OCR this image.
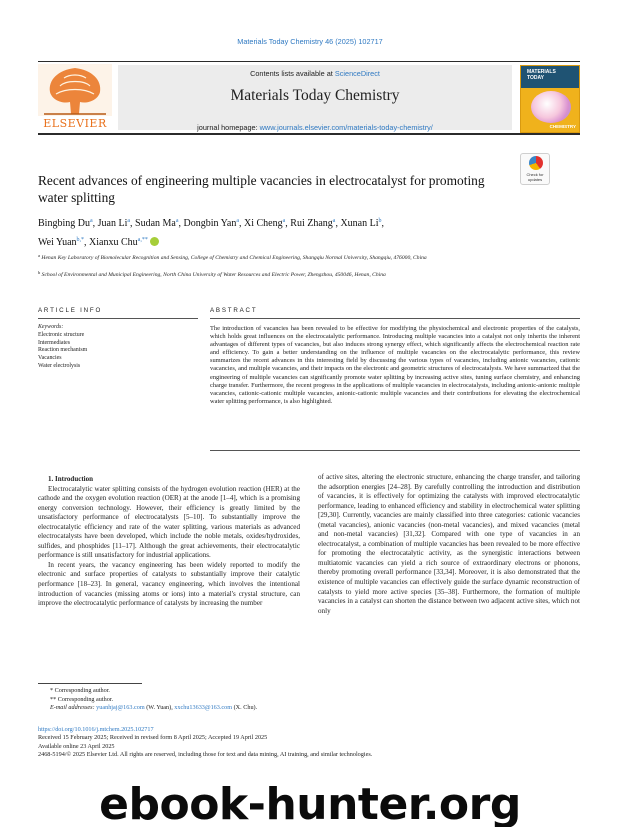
Materials Today Chemistry 46 (2025) 102717
ELSEVIER
Contents lists available at ScienceDirect
Materials Today Chemistry
journal homepage: www.journals.elsevier.com/materials-today-chemistry/
MATERIALS
TODAY
CHEMISTRY
Recent advances of engineering multiple vacancies in electrocatalyst for promoting water splitting
Check for updates
Bingbing Du$^a$, Juan Li$^a$, Sudan Ma$^a$, Dongbin Yan$^a$, Xi Cheng$^a$, Rui Zhang$^a$, Xunan Li$^b$,
Wei Yuan$^{b,*}$, Xianxu Chu$^{a,**}$
$^a$ Henan Key Laboratory of Biomolecular Recognition and Sensing, College of Chemistry and Chemical Engineering, Shangqiu Normal University, Shangqiu, 476000, China
$^b$ School of Environmental and Municipal Engineering, North China University of Water Resources and Electric Power, Zhengzhou, 450046, Henan, China
ARTICLE INFO	ABSTRACT
Keywords:
Electronic structure
Intermediates
Reaction mechanism
Vacancies
Water electrolysis
The introduction of vacancies has been revealed to be effective for modifying the physiochemical and electronic properties of the catalysts, which holds great influences on the electrocatalytic performance. Introducing multiple vacancies into a catalyst not only inherits the inherent advantages of different types of vacancies, but also induces strong synergy effect, which significantly affects the electrochemical reaction rate and efficiency. To gain a better understanding on the influence of multiple vacancies on the electrocatalytic performance, this review summarizes the recent advances in this interesting field by discussing the various types of vacancies, including anionic vacancies, cationic vacancies, and multiple vacancies, and their impacts on the electronic and geometric structures of electrocatalysts. We have summarized that the engineering of multiple vacancies can significantly promote water splitting by increasing active sites, tuning surface chemistry, and enhancing charge transfer. Furthermore, the recent progress in the applications of multiple vacancies in electrocatalysts, including anionic-anionic multiple vacancies, cationic-cationic multiple vacancies, anionic-cationic multiple vacancies and their contributions for elevating the electrochemical water splitting performance, is also highlighted.

1. Introduction

Electrocatalytic water splitting consists of the hydrogen evolution reaction (HER) at the cathode and the oxygen evolution reaction (OER) at the anode [1–4], which is a promising energy conversion technology. However, their efficiency is greatly limited by the unsatisfactory performance of electrocatalysts [5–10]. To substantially improve the electrocatalytic efficiency and rate of the water splitting, various materials as advanced electrocatalysts have been developed, which include the noble metals, oxides/hydroxides, sulfides, and phosphides [11–17]. Although the great achievements, their electrocatalytic performance is still unsatisfactory for industrial applications.

In recent years, the vacancy engineering has been widely reported to modify the electronic and surface properties of catalysts to substantially improve their catalytic performance [18–23]. In general, vacancy engineering, which involves the intentional introduction of vacancies (missing atoms or ions) into a material's crystal structure, can improve the electrocatalytic performance of catalysts by increasing the number

of active sites, altering the electronic structure, enhancing the charge transfer, and tailoring the adsorption energies [24–28]. By carefully controlling the introduction and distribution of vacancies, it is effectively for optimizing the catalysts with improved electrocatalytic performance, leading to enhanced efficiency and stability in electrochemical water splitting [29,30]. Currently, vacancies are mainly classified into three categories: cationic vacancies (metal vacancies), anionic vacancies (non-metal vacancies), and mixed vacancies (metal and non-metal vacancies) [31,32]. Compared with one type of vacancies in an electrocatalyst, a combination of multiple vacancies has been revealed to be more effective for promoting the electrocatalytic activity, as the synergistic interactions between multiatomic vacancies can yield a rich source of extraordinary electrons or phonons, thereby promoting overall performance [33,34]. Moreover, it is also demonstrated that the existence of multiple vacancies can effectively guide the surface dynamic reconstruction of catalysts to yield more active species [35–38]. Furthermore, the formation of multiple vacancies in a catalyst can shorten the distance between two adjacent active sites, which not only

* Corresponding author.
** Corresponding author.
E-mail addresses: yuanhjaj@163.com (W. Yuan), xxchu13633@163.com (X. Chu).
https://doi.org/10.1016/j.mtchem.2025.102717
Received 15 February 2025; Received in revised form 8 April 2025; Accepted 19 April 2025
Available online 23 April 2025
2468-5194/© 2025 Elsevier Ltd. All rights are reserved, including those for text and data mining, AI training, and similar technologies.
ebook-hunter.org
